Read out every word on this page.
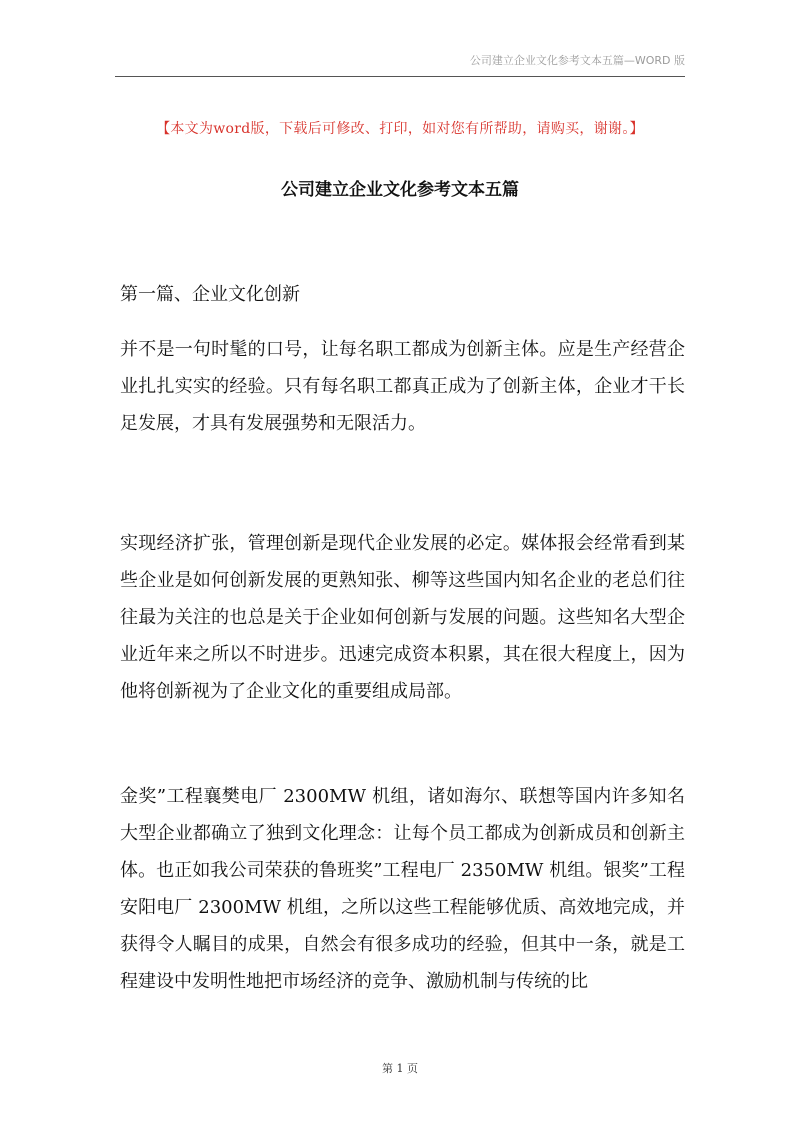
公司建立企业文化参考文本五篇—WORD 版
【本文为word版，下载后可修改、打印，如对您有所帮助，请购买，谢谢。】
公司建立企业文化参考文本五篇
第一篇、企业文化创新

并不是一句时髦的口号，让每名职工都成为创新主体。应是生产经营企业扎扎实实的经验。只有每名职工都真正成为了创新主体，企业才干长足发展，才具有发展强势和无限活力。

实现经济扩张，管理创新是现代企业发展的必定。媒体报会经常看到某些企业是如何创新发展的更熟知张、柳等这些国内知名企业的老总们往往最为关注的也总是关于企业如何创新与发展的问题。这些知名大型企业近年来之所以不时进步。迅速完成资本积累，其在很大程度上，因为他将创新视为了企业文化的重要组成局部。

金奖”工程襄樊电厂 2300MW 机组，诸如海尔、联想等国内许多知名大型企业都确立了独到文化理念：让每个员工都成为创新成员和创新主体。也正如我公司荣获的鲁班奖”工程电厂 2350MW 机组。银奖”工程安阳电厂 2300MW 机组，之所以这些工程能够优质、高效地完成，并获得令人瞩目的成果，自然会有很多成功的经验，但其中一条，就是工程建设中发明性地把市场经济的竞争、激励机制与传统的比

第 1 页
